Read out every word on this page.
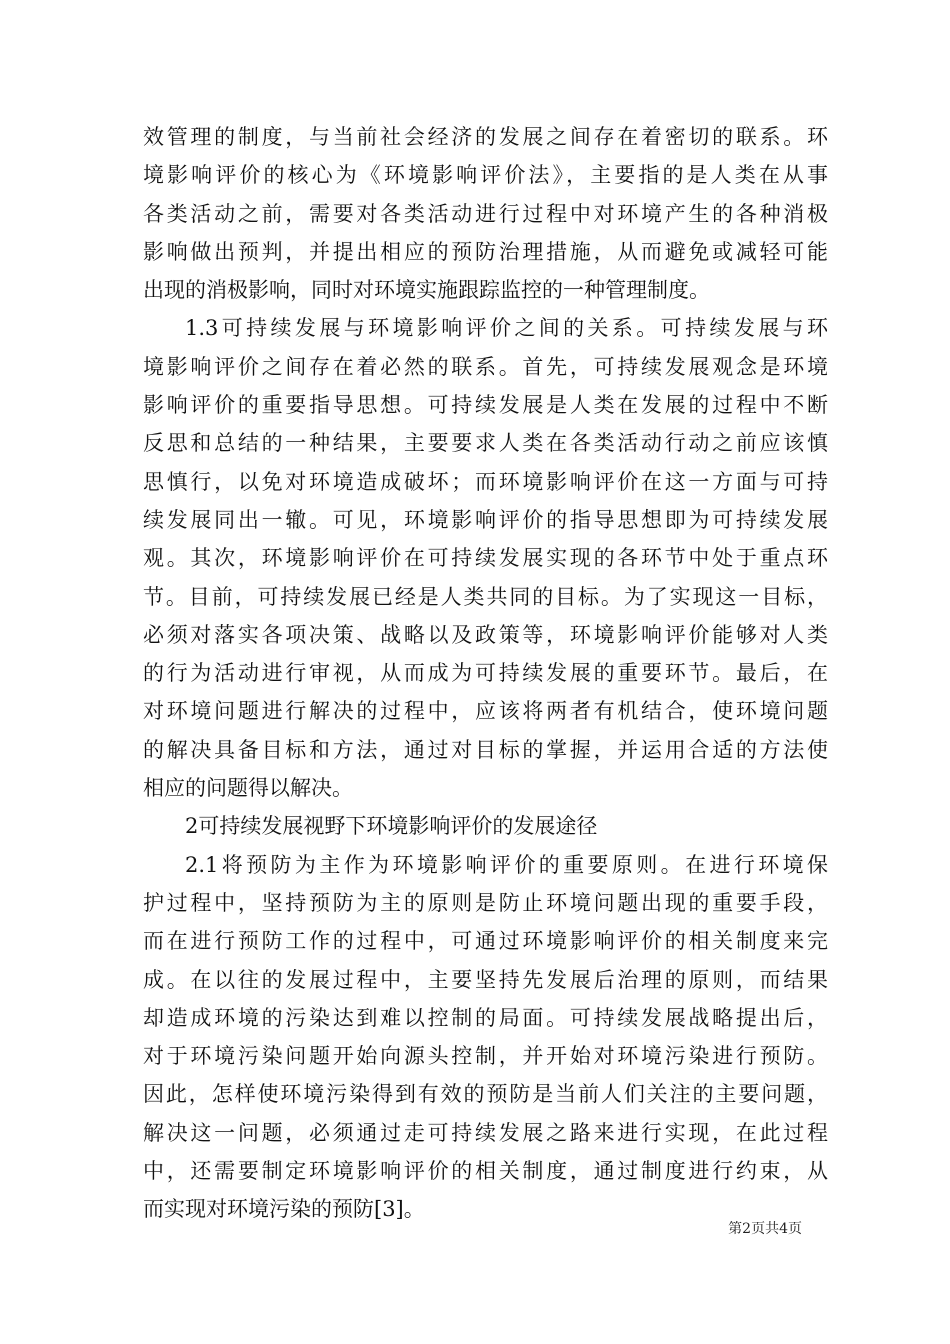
效管理的制度，与当前社会经济的发展之间存在着密切的联系。环
境影响评价的核心为《环境影响评价法》，主要指的是人类在从事
各类活动之前，需要对各类活动进行过程中对环境产生的各种消极
影响做出预判，并提出相应的预防治理措施，从而避免或减轻可能
出现的消极影响，同时对环境实施跟踪监控的一种管理制度。
1.3可持续发展与环境影响评价之间的关系。可持续发展与环
境影响评价之间存在着必然的联系。首先，可持续发展观念是环境
影响评价的重要指导思想。可持续发展是人类在发展的过程中不断
反思和总结的一种结果，主要要求人类在各类活动行动之前应该慎
思慎行，以免对环境造成破坏；而环境影响评价在这一方面与可持
续发展同出一辙。可见，环境影响评价的指导思想即为可持续发展
观。其次，环境影响评价在可持续发展实现的各环节中处于重点环
节。目前，可持续发展已经是人类共同的目标。为了实现这一目标，
必须对落实各项决策、战略以及政策等，环境影响评价能够对人类
的行为活动进行审视，从而成为可持续发展的重要环节。最后，在
对环境问题进行解决的过程中，应该将两者有机结合，使环境问题
的解决具备目标和方法，通过对目标的掌握，并运用合适的方法使
相应的问题得以解决。
2可持续发展视野下环境影响评价的发展途径
2.1将预防为主作为环境影响评价的重要原则。在进行环境保
护过程中，坚持预防为主的原则是防止环境问题出现的重要手段，
而在进行预防工作的过程中，可通过环境影响评价的相关制度来完
成。在以往的发展过程中，主要坚持先发展后治理的原则，而结果
却造成环境的污染达到难以控制的局面。可持续发展战略提出后，
对于环境污染问题开始向源头控制，并开始对环境污染进行预防。
因此，怎样使环境污染得到有效的预防是当前人们关注的主要问题，
解决这一问题，必须通过走可持续发展之路来进行实现，在此过程
中，还需要制定环境影响评价的相关制度，通过制度进行约束，从
而实现对环境污染的预防[3]。
第2页共4页
